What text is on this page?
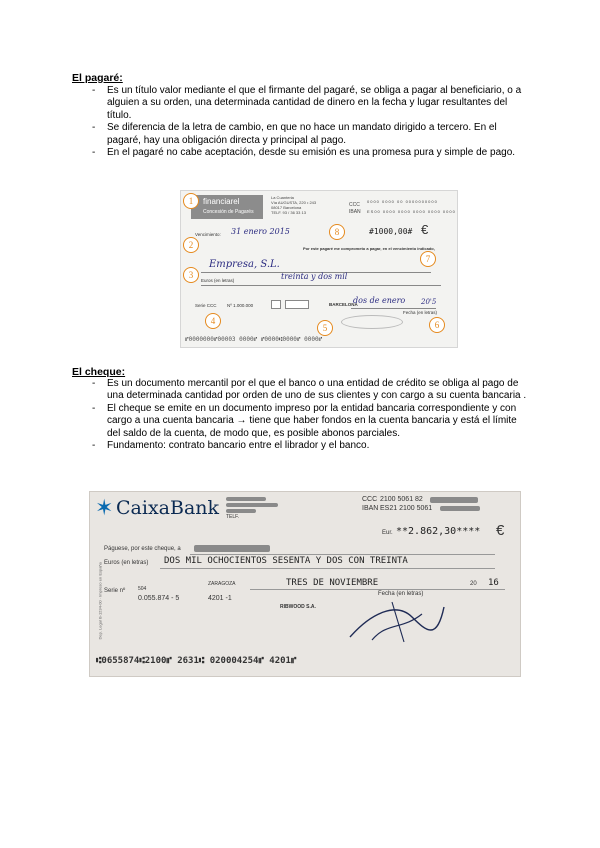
El pagaré:
- Es un título valor mediante el que el firmante del pagaré, se obliga a pagar al beneficiario, o a alguien a su orden, una determinada cantidad de dinero en la fecha y lugar resultantes del título.
- Se diferencia de la letra de cambio, en que no hace un mandato dirigido a tercero. En el pagaré, hay una obligación directa y principal al pago.
- En el pagaré no cabe aceptación, desde su emisión es una promesa pura y simple de pago.
financiarel
Concesión de Pagarés
La Cuanteria
Vía AUGUSTA, 220 • 243
08017 Barcelona
TELF. 93 / 36 33 13
CCC
IBAN
0000 0000 00 0000000000
ES00 0000 0000 0000 0000 0000
1
Vencimiento: 31 enero 2015	8	#1000,00# €
2	Por este pagaré me comprometo a pagar, en el vencimiento indicado,
7
Empresa, S.L.
3
Euros (en letras)	treinta y dos mil
Serie CCC Nº 1.000.000	BARCELONA
dos de enero 20'5
Fecha (en letras)
4
5	6
⑈0000000⑈00003 0000⑈ ⑈0000⑆0000⑈ 0000⑈
El cheque:
- Es un documento mercantil por el que el banco o una entidad de crédito se obliga al pago de una determinada cantidad por orden de uno de sus clientes y con cargo a su cuenta bancaria .
- El cheque se emite en un documento impreso por la entidad bancaria correspondiente y con cargo a una cuenta bancaria → tiene que haber fondos en la cuenta bancaria y está el límite del saldo de la cuenta, de modo que, es posible abonos parciales.
- Fundamento: contrato bancario entre el librador y el banco.
✶ CaixaBank TELF.
CCC 2100 5061 82
IBAN ES21 2100 5061
Dep. Legal B-1234-00 · Impreso en España
Eur. **2.862,30**** €
Páguese, por este cheque, a
Euros (en letras) DOS MIL OCHOCIENTOS SESENTA Y DOS CON TREINTA
Serie nº	504
0.055.874 - 5	4201 -1
ZARAGOZA	TRES DE NOVIEMBRE	20 16
Fecha (en letras)
RIBWOOD S.A.
⑆0655874⑆2100⑈ 2631⑆ 020004254⑈ 4201⑈
